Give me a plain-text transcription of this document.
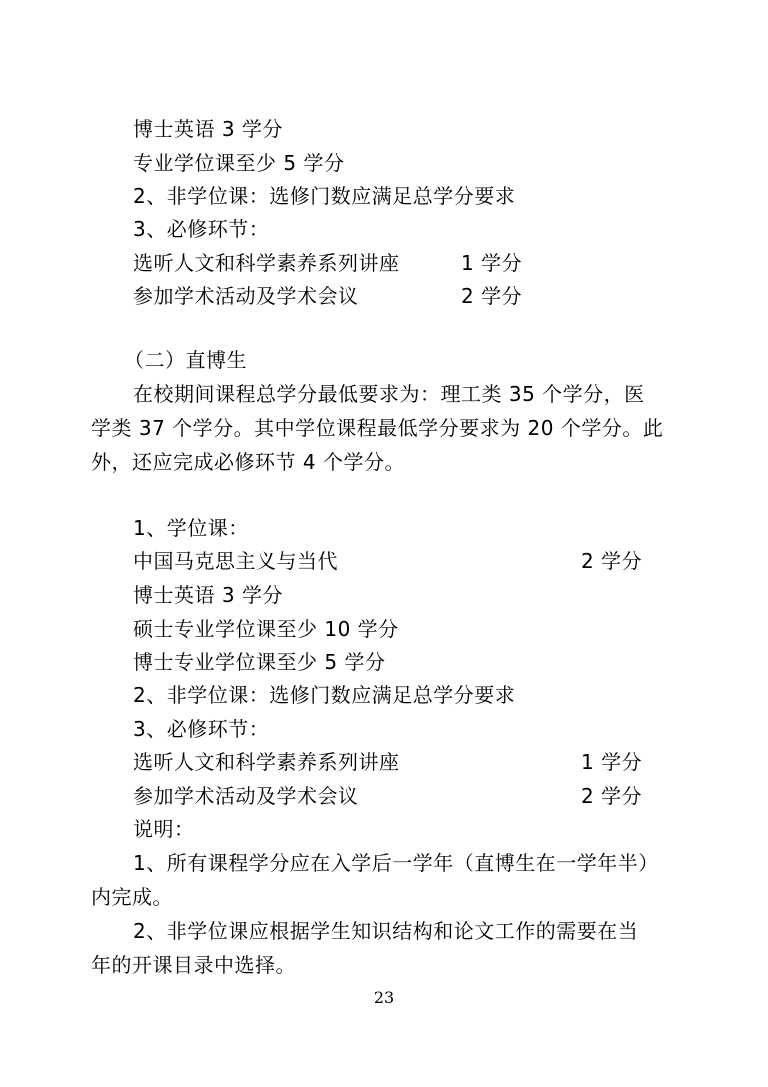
博士英语 3 学分
专业学位课至少 5 学分
2、非学位课：选修门数应满足总学分要求
3、必修环节：
选听人文和科学素养系列讲座	1 学分
参加学术活动及学术会议	2 学分
（二）直博生
在校期间课程总学分最低要求为：理工类 35 个学分，医
学类 37 个学分。其中学位课程最低学分要求为 20 个学分。此
外，还应完成必修环节 4 个学分。
1、学位课：
中国马克思主义与当代	2 学分
博士英语 3 学分
硕士专业学位课至少 10 学分
博士专业学位课至少 5 学分
2、非学位课：选修门数应满足总学分要求
3、必修环节：
选听人文和科学素养系列讲座	1 学分
参加学术活动及学术会议	2 学分
说明：
1、所有课程学分应在入学后一学年（直博生在一学年半）
内完成。
2、非学位课应根据学生知识结构和论文工作的需要在当
年的开课目录中选择。
23
